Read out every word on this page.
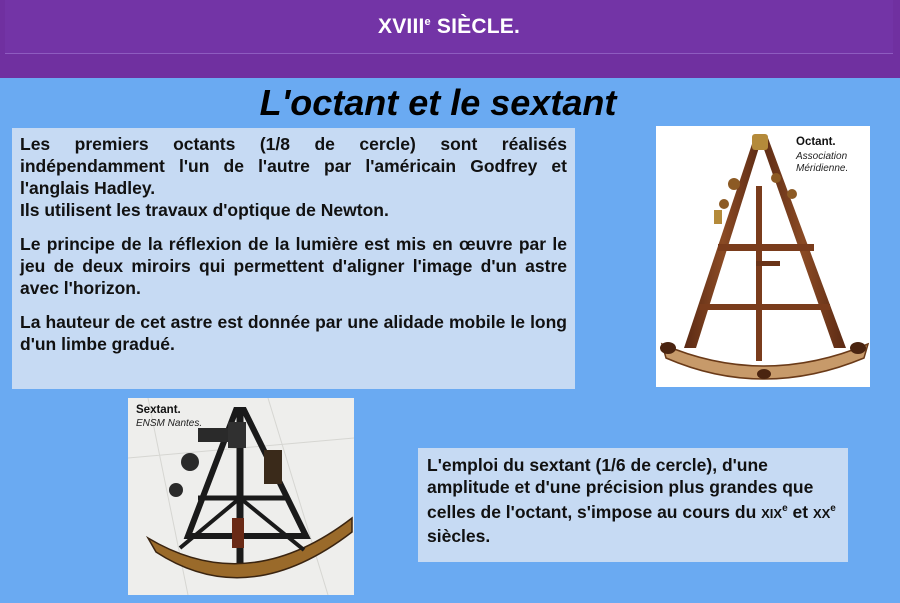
XVIIIe SIÈCLE.
L'octant et le sextant

Les premiers octants (1/8 de cercle) sont réalisés indépendamment l'un de l'autre par l'américain Godfrey et l'anglais Hadley.
Ils utilisent les travaux d'optique de Newton.

Le principe de la réflexion de la lumière est mis en œuvre par le jeu de deux miroirs qui permettent d'aligner l'image d'un astre avec l'horizon.

La hauteur de cet astre est donnée par une alidade mobile le long d'un limbe gradué.

Octant.
Association
Méridienne.
Sextant.
ENSM Nantes.
L'emploi du sextant (1/6 de cercle), d'une amplitude et d'une précision plus grandes que celles de l'octant, s'impose au cours du XIXe et XXe siècles.
